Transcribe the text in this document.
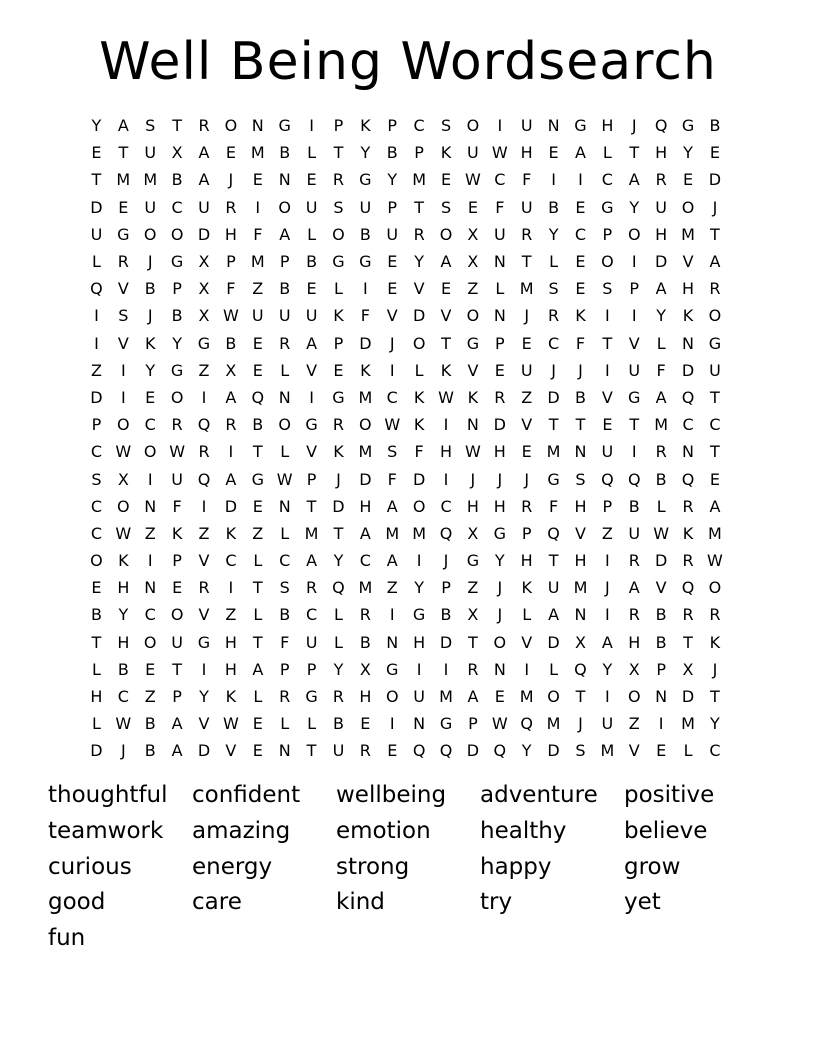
Well Being Wordsearch
Y	A	S	T	R O N G	I	P	K	P	C	S O	I	U N G H	J	Q G B
E	T	U X A	E M B	L	T	Y	B	P	K U W H E	A	L	T H Y	E
T M M B A	J	E N E	R G Y M E W C	F	I	I	C A R	E D
D E U C U R	I	O U S U	P	T	S	E	F	U B	E G Y	U O	J
U G O O D H	F	A	L	O B U R O X U R	Y	C	P O H M T
L	R	J	G X	P M P	B G G E	Y	A X N	T	L	E O	I	D V A
Q V B	P	X	F	Z B	E	L	I	E	V	E	Z	L M S	E	S	P	A H R
I	S	J	B X W U U U K	F	V D V O N	J	R	K	I	I	Y	K O
I	V	K	Y G B	E	R A	P D	J	O T G P	E	C	F	T	V	L	N G
Z	I	Y G Z X	E	L	V	E	K	I	L	K	V	E U	J	J	I	U	F	D U
D	I	E O	I	A Q N	I	G M C	K W K	R Z D B V G A Q T
P O C R Q R B O G R O W K	I	N D V	T	T	E	T M C C
C W O W R	I	T	L	V	K M S	F	H W H E M N U	I	R N	T
S	X	I	U Q A G W P	J	D	F	D	I	J	J	J	G S Q Q B Q E
C O N	F	I	D E N	T D H A O C H H R	F	H	P	B	L	R A
C W Z	K	Z	K	Z	L M T	A M M Q X G P Q V Z U W K M
O K	I	P	V C	L	C A	Y	C A	I	J	G Y H T H	I	R D R W
E H N E	R	I	T	S	R Q M Z	Y	P	Z	J	K U M	J	A V Q O
B	Y	C O V Z	L	B C	L	R	I	G B X	J	L	A N	I	R B R R
T H O U G H T	F	U	L	B N H D T O V D X A H B	T	K
L	B	E	T	I	H A	P	P	Y	X G	I	I	R N	I	L	Q Y	X	P	X	J
H C Z	P	Y	K	L	R G R H O U M A	E M O T	I	O N D T
L W B A V W E	L	L	B	E	I	N G P W Q M	J	U Z	I	M Y
D	J	B A D V	E N	T	U R	E Q Q D Q Y D S M V	E	L	C
thoughtful	confident	wellbeing	adventure	positive
teamwork	amazing	emotion	healthy	believe
curious	energy	strong	happy	grow
good	care	kind	try	yet
fun
